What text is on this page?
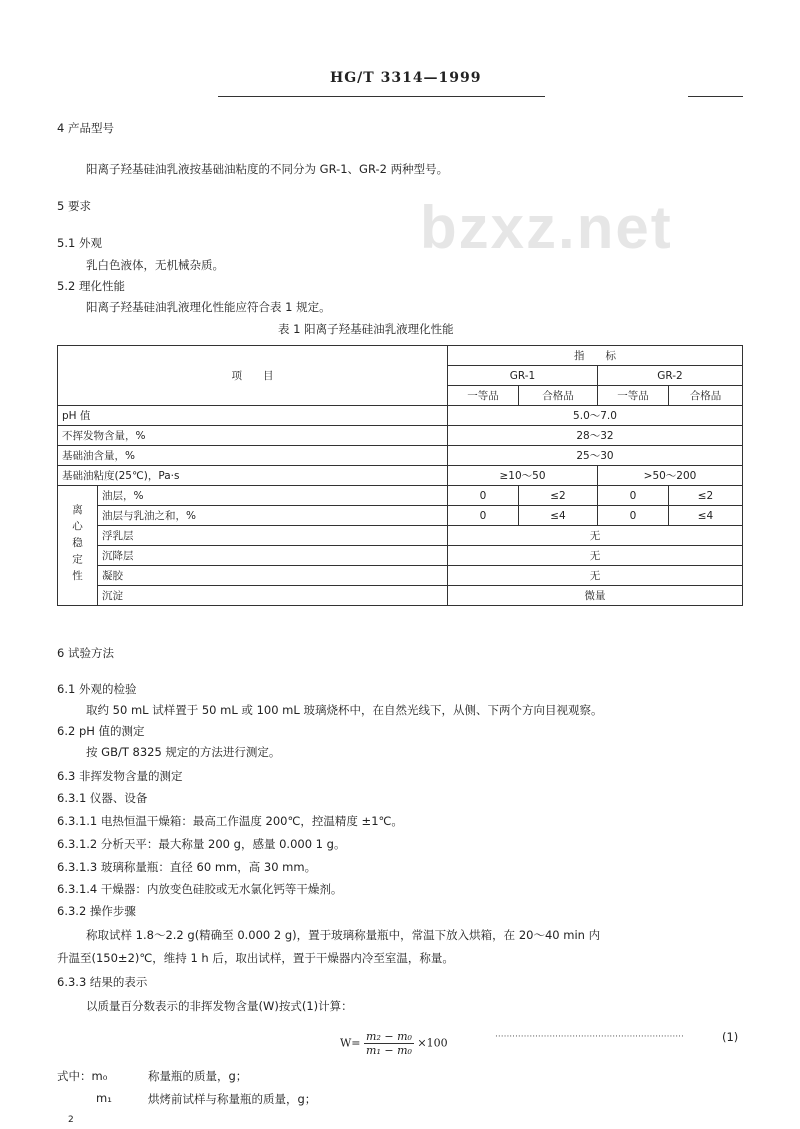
bzxz.net
HG/T 3314—1999
4 产品型号
阳离子羟基硅油乳液按基础油粘度的不同分为 GR-1、GR-2 两种型号。
5 要求
5.1 外观
乳白色液体，无机械杂质。
5.2 理化性能
阳离子羟基硅油乳液理化性能应符合表 1 规定。
表 1 阳离子羟基硅油乳液理化性能
项　　目		指　　标			
		GR-1		GR-2	
		一等品	合格品	一等品	合格品
pH 值		5.0～7.0			
不挥发物含量，%		28～32			
基础油含量，%		25～30			
基础油粘度(25℃)，Pa·s		≥10～50		>50～200	
离心稳定性	油层，%	0	≤2	0	≤2
	油层与乳油之和，%	0	≤4	0	≤4
	浮乳层	无			
	沉降层	无			
	凝胶	无			
	沉淀	微量			
6 试验方法
6.1 外观的检验
取约 50 mL 试样置于 50 mL 或 100 mL 玻璃烧杯中，在自然光线下，从侧、下两个方向目视观察。
6.2 pH 值的测定
按 GB/T 8325 规定的方法进行测定。
6.3 非挥发物含量的测定
6.3.1 仪器、设备
6.3.1.1 电热恒温干燥箱：最高工作温度 200℃，控温精度 ±1℃。
6.3.1.2 分析天平：最大称量 200 g，感量 0.000 1 g。
6.3.1.3 玻璃称量瓶：直径 60 mm，高 30 mm。
6.3.1.4 干燥器：内放变色硅胶或无水氯化钙等干燥剂。
6.3.2 操作步骤
称取试样 1.8～2.2 g(精确至 0.000 2 g)，置于玻璃称量瓶中，常温下放入烘箱，在 20～40 min 内
升温至(150±2)℃，维持 1 h 后，取出试样，置于干燥器内冷至室温，称量。
6.3.3 结果的表示
以质量百分数表示的非挥发物含量(W)按式(1)计算：
$W= \frac{\text{m₂ − m₀}}{\text{m₁ − m₀}} \times 100$	··································································	(1)
式中：m₀	称量瓶的质量，g；
m₁	烘烤前试样与称量瓶的质量，g；
2
